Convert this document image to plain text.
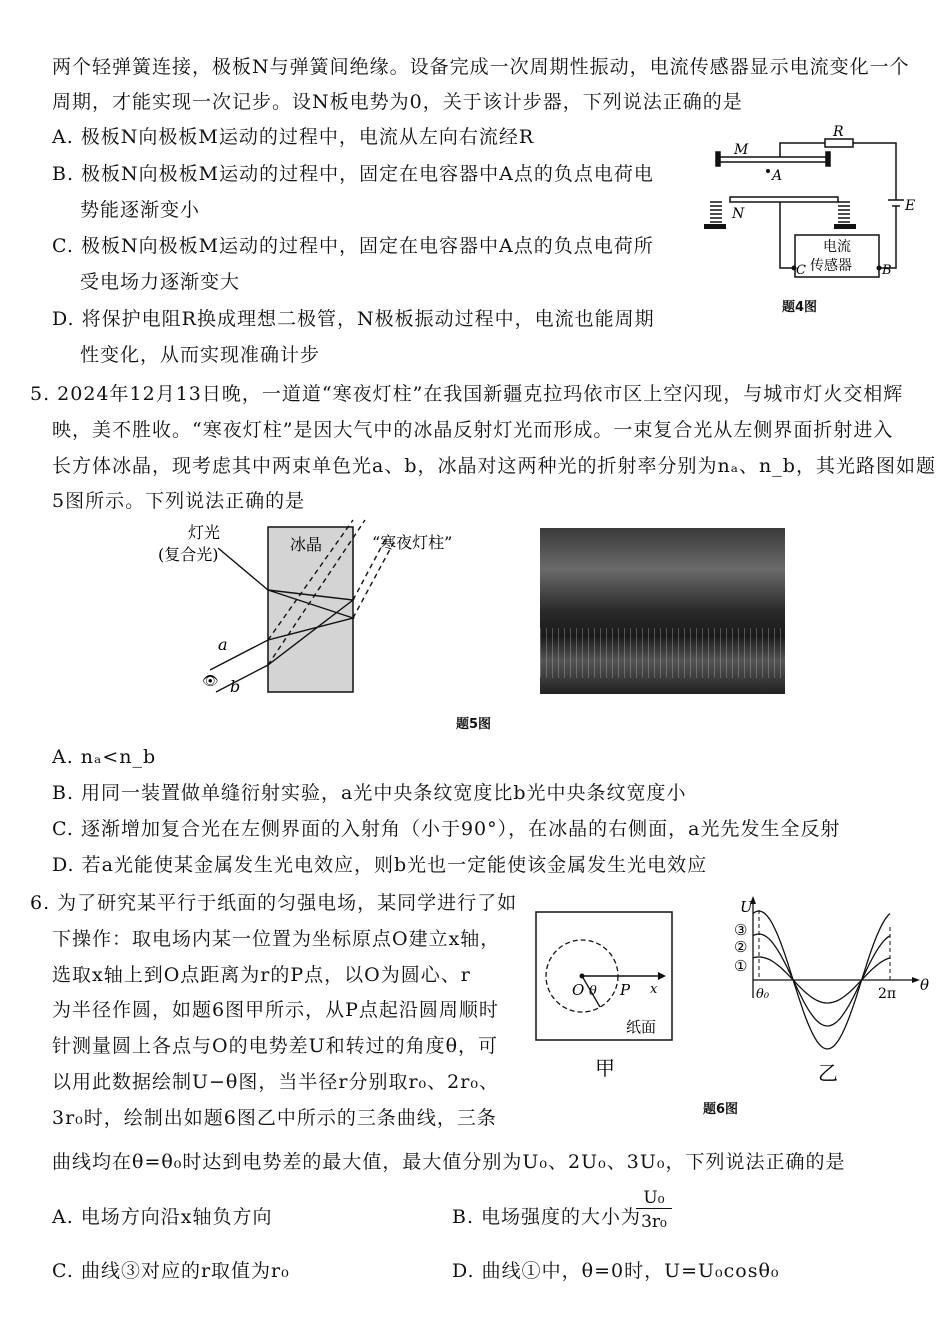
两个轻弹簧连接，极板N与弹簧间绝缘。设备完成一次周期性振动，电流传感器显示电流变化一个
周期，才能实现一次记步。设N板电势为0，关于该计步器，下列说法正确的是
A. 极板N向极板M运动的过程中，电流从左向右流经R
B. 极板N向极板M运动的过程中，固定在电容器中A点的负点电荷电
势能逐渐变小
C. 极板N向极板M运动的过程中，固定在电容器中A点的负点电荷所
受电场力逐渐变大
D. 将保护电阻R换成理想二极管，N极板振动过程中，电流也能周期
性变化，从而实现准确计步
M
A
N
R
E
C	B
电流
传感器
题4图
5. 2024年12月13日晚，一道道“寒夜灯柱”在我国新疆克拉玛依市区上空闪现，与城市灯火交相辉
映，美不胜收。“寒夜灯柱”是因大气中的冰晶反射灯光而形成。一束复合光从左侧界面折射进入
长方体冰晶，现考虑其中两束单色光a、b，冰晶对这两种光的折射率分别为nₐ、n_b，其光路图如题
5图所示。下列说法正确的是
灯光
(复合光)
冰晶	“寒夜灯柱”
a
b
👁
题5图
A. nₐ<n_b
B. 用同一装置做单缝衍射实验，a光中央条纹宽度比b光中央条纹宽度小
C. 逐渐增加复合光在左侧界面的入射角（小于90°），在冰晶的右侧面，a光先发生全反射
D. 若a光能使某金属发生光电效应，则b光也一定能使该金属发生光电效应
6. 为了研究某平行于纸面的匀强电场，某同学进行了如
下操作：取电场内某一位置为坐标原点O建立x轴，
选取x轴上到O点距离为r的P点，以O为圆心、r
为半径作圆，如题6图甲所示，从P点起沿圆周顺时
针测量圆上各点与O的电势差U和转过的角度θ，可
以用此数据绘制U−θ图，当半径r分别取r₀、2r₀、
3r₀时，绘制出如题6图乙中所示的三条曲线，三条
曲线均在θ=θ₀时达到电势差的最大值，最大值分别为U₀、2U₀、3U₀，下列说法正确的是
O θ P x
纸面
甲
U
θ
θ₀	2π
③
②
①
乙
题6图
A. 电场方向沿x轴负方向	B. 电场强度的大小为
U₀
3r₀
C. 曲线③对应的r取值为r₀	D. 曲线①中，θ=0时，U=U₀cosθ₀
